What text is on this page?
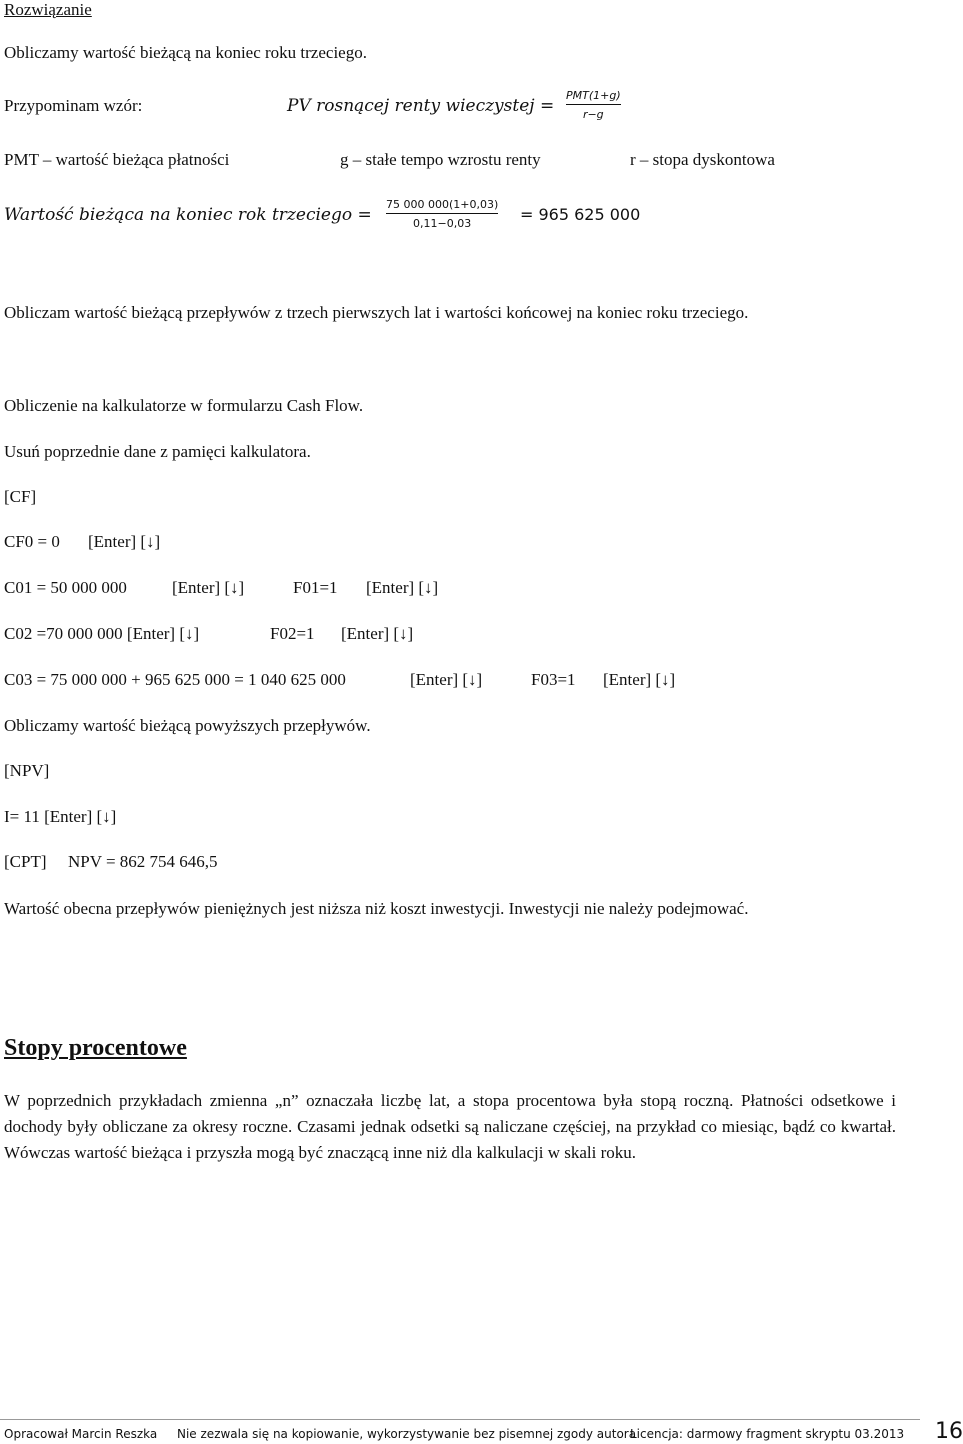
Rozwiązanie
Obliczamy wartość bieżącą na koniec roku trzeciego.
Przypominam wzór:	PV rosnącej renty wieczystej =
PMT(1+g)
r−g
PMT – wartość bieżąca płatności	g – stałe tempo wzrostu renty	r – stopa dyskontowa
Wartość bieżąca na koniec rok trzeciego =
75 000 000(1+0,03)
0,11−0,03	= 965 625 000
Obliczam wartość bieżącą przepływów z trzech pierwszych lat i wartości końcowej na koniec roku trzeciego.
Obliczenie na kalkulatorze w formularzu Cash Flow.
Usuń poprzednie dane z pamięci kalkulatora.
[CF]
CF0 = 0 [Enter] [↓]
C01 = 50 000 000	[Enter] [↓]	F01=1 [Enter] [↓]
C02 =70 000 000 [Enter] [↓]	F02=1 [Enter] [↓]
C03 = 75 000 000 + 965 625 000 = 1 040 625 000	[Enter] [↓]	F03=1 [Enter] [↓]
Obliczamy wartość bieżącą powyższych przepływów.
[NPV]
I= 11 [Enter] [↓]
[CPT] NPV = 862 754 646,5
Wartość obecna przepływów pieniężnych jest niższa niż koszt inwestycji. Inwestycji nie należy podejmować.
Stopy procentowe
W poprzednich przykładach zmienna „n” oznaczała liczbę lat, a stopa procentowa była stopą roczną. Płatności odsetkowe i dochody były obliczane za okresy roczne. Czasami jednak odsetki są naliczane częściej, na przykład co miesiąc, bądź co kwartał. Wówczas wartość bieżąca i przyszła mogą być znaczącą inne niż dla kalkulacji w skali roku.
Opracował Marcin Reszka Nie zezwala się na kopiowanie, wykorzystywanie bez pisemnej zgody autora
Licencja: darmowy fragment skryptu 03.2013 16
